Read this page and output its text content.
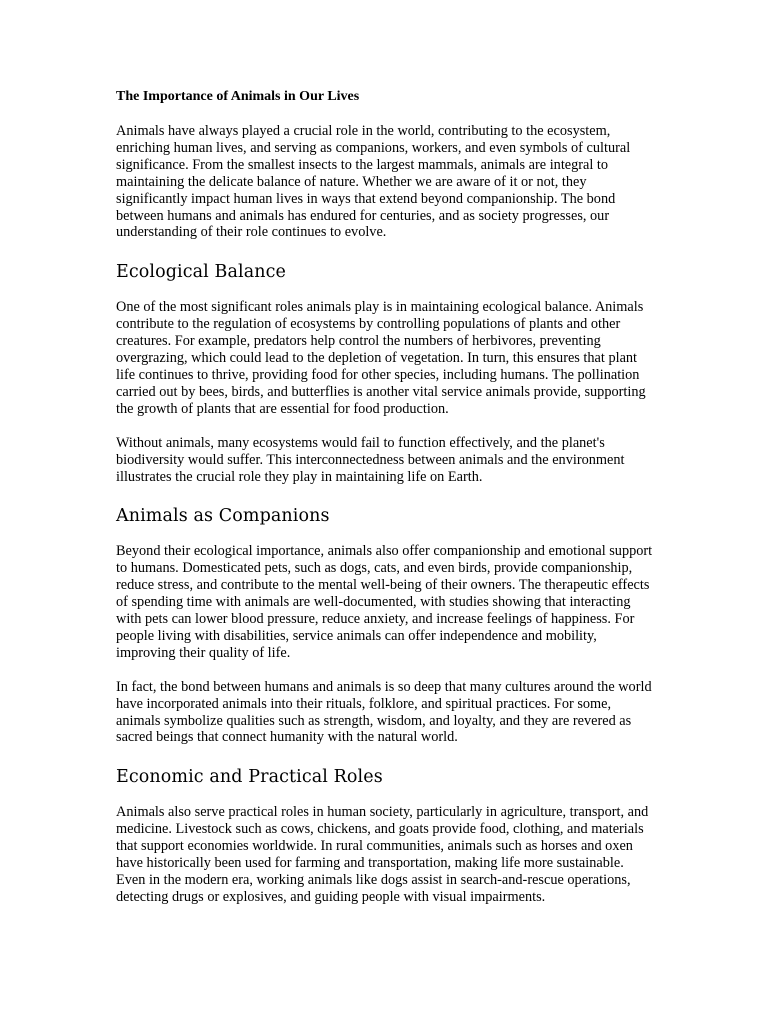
The Importance of Animals in Our Lives

Animals have always played a crucial role in the world, contributing to the ecosystem, enriching human lives, and serving as companions, workers, and even symbols of cultural significance. From the smallest insects to the largest mammals, animals are integral to maintaining the delicate balance of nature. Whether we are aware of it or not, they significantly impact human lives in ways that extend beyond companionship. The bond between humans and animals has endured for centuries, and as society progresses, our understanding of their role continues to evolve.

Ecological Balance

One of the most significant roles animals play is in maintaining ecological balance. Animals contribute to the regulation of ecosystems by controlling populations of plants and other creatures. For example, predators help control the numbers of herbivores, preventing overgrazing, which could lead to the depletion of vegetation. In turn, this ensures that plant life continues to thrive, providing food for other species, including humans. The pollination carried out by bees, birds, and butterflies is another vital service animals provide, supporting the growth of plants that are essential for food production.

Without animals, many ecosystems would fail to function effectively, and the planet's biodiversity would suffer. This interconnectedness between animals and the environment illustrates the crucial role they play in maintaining life on Earth.

Animals as Companions

Beyond their ecological importance, animals also offer companionship and emotional support to humans. Domesticated pets, such as dogs, cats, and even birds, provide companionship, reduce stress, and contribute to the mental well-being of their owners. The therapeutic effects of spending time with animals are well-documented, with studies showing that interacting with pets can lower blood pressure, reduce anxiety, and increase feelings of happiness. For people living with disabilities, service animals can offer independence and mobility, improving their quality of life.

In fact, the bond between humans and animals is so deep that many cultures around the world have incorporated animals into their rituals, folklore, and spiritual practices. For some, animals symbolize qualities such as strength, wisdom, and loyalty, and they are revered as sacred beings that connect humanity with the natural world.

Economic and Practical Roles

Animals also serve practical roles in human society, particularly in agriculture, transport, and medicine. Livestock such as cows, chickens, and goats provide food, clothing, and materials that support economies worldwide. In rural communities, animals such as horses and oxen have historically been used for farming and transportation, making life more sustainable. Even in the modern era, working animals like dogs assist in search-and-rescue operations, detecting drugs or explosives, and guiding people with visual impairments.
